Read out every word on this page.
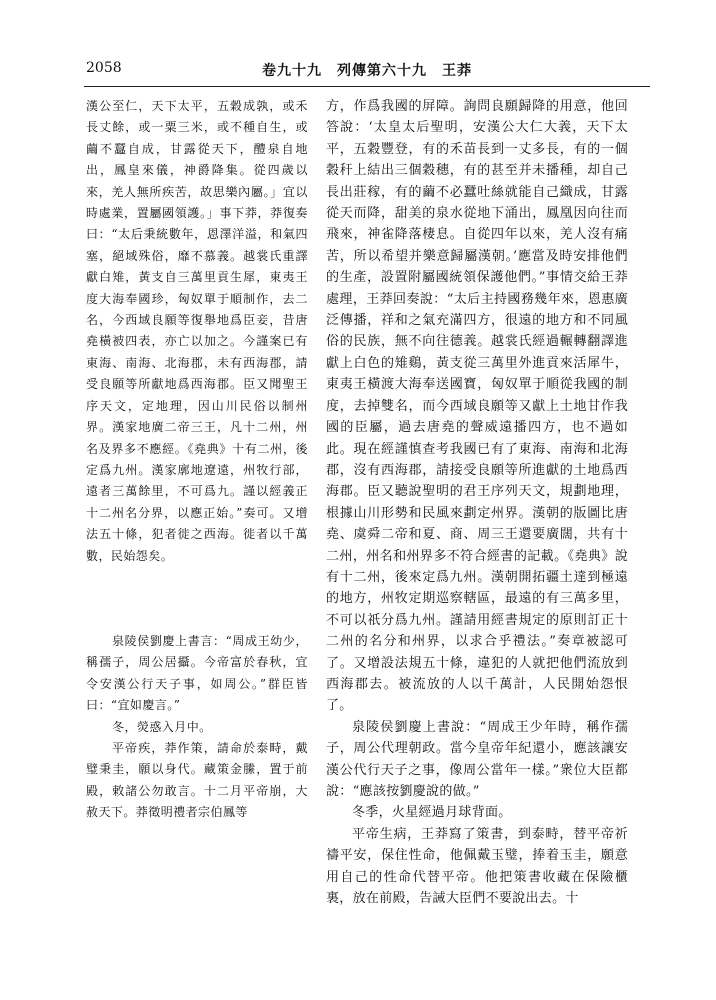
2058	卷九十九　列傳第六十九　王莽

漢公至仁，天下太平，五穀成孰，或禾長丈餘，或一粟三米，或不種自生，或繭不蠶自成，甘露從天下，醴泉自地出，鳳皇來儀，神爵降集。從四歲以來，羌人無所疾苦，故思樂內屬。」宜以時處業，置屬國領護。」事下莽，莽復奏曰：“太后秉統數年，恩澤洋溢，和氣四塞，絕域殊俗，靡不慕義。越裳氏重譯獻白雉，黃支自三萬里貢生犀，東夷王度大海奉國珍，匈奴單于順制作，去二名，今西域良願等復舉地爲臣妾，昔唐堯橫被四表，亦亡以加之。今謹案已有東海、南海、北海郡，未有西海郡，請受良願等所獻地爲西海郡。臣又聞聖王序天文，定地理，因山川民俗以制州界。漢家地廣二帝三王，凡十二州，州名及界多不應經。《堯典》十有二州，後定爲九州。漢家廓地遼遠，州牧行部，遠者三萬餘里，不可爲九。謹以經義正十二州名分界，以應正始。”奏可。又增法五十條，犯者徙之西海。徙者以千萬數，民始怨矣。

泉陵侯劉慶上書言：“周成王幼少，稱孺子，周公居攝。今帝富於春秋，宜令安漢公行天子事，如周公。”群臣皆曰：“宜如慶言。”

冬，熒惑入月中。

平帝疾，莽作策，請命於泰畤，戴璧秉圭，願以身代。藏策金縢，置于前殿，敕諸公勿敢言。十二月平帝崩，大赦天下。莽徵明禮者宗伯鳳等

方，作爲我國的屏障。詢問良願歸降的用意，他回答說：‘太皇太后聖明，安漢公大仁大義，天下太平，五穀豐登，有的禾苗長到一丈多長，有的一個穀秆上結出三個穀穗，有的甚至并未播種，却自己長出莊稼，有的繭不必蠶吐絲就能自己織成，甘露從天而降，甜美的泉水從地下涌出，鳳凰因向往而飛來，神雀降落棲息。自從四年以來，羌人沒有痛苦，所以希望并樂意歸屬漢朝。’應當及時安排他們的生產，設置附屬國統領保護他們。”事情交給王莽處理，王莽回奏說：“太后主持國務幾年來，恩惠廣泛傳播，祥和之氣充滿四方，很遠的地方和不同風俗的民族，無不向往德義。越裳氏經過輾轉翻譯進獻上白色的雉鷄，黃支從三萬里外進貢來活犀牛，東夷王橫渡大海奉送國寶，匈奴單于順從我國的制度，去掉雙名，而今西域良願等又獻上土地甘作我國的臣屬，過去唐堯的聲威遠播四方，也不過如此。現在經謹慎查考我國已有了東海、南海和北海郡，沒有西海郡，請接受良願等所進獻的土地爲西海郡。臣又聽說聖明的君王序列天文，規劃地理，根據山川形勢和民風來劃定州界。漢朝的版圖比唐堯、虞舜二帝和夏、商、周三王還要廣闊，共有十二州，州名和州界多不符合經書的記載。《堯典》說有十二州，後來定爲九州。漢朝開拓疆土達到極遠的地方，州牧定期巡察轄區，最遠的有三萬多里，不可以祇分爲九州。謹請用經書規定的原則訂正十二州的名分和州界，以求合乎禮法。”奏章被認可了。又增設法規五十條，違犯的人就把他們流放到西海郡去。被流放的人以千萬計，人民開始怨恨了。

泉陵侯劉慶上書說：“周成王少年時，稱作孺子，周公代理朝政。當今皇帝年紀還小，應該讓安漢公代行天子之事，像周公當年一樣。”衆位大臣都說：“應該按劉慶說的做。”

冬季，火星經過月球背面。

平帝生病，王莽寫了策書，到泰畤，替平帝祈禱平安，保住性命，他佩戴玉璧，捧着玉圭，願意用自己的性命代替平帝。他把策書收藏在保險櫃裏，放在前殿，告誡大臣們不要說出去。十
